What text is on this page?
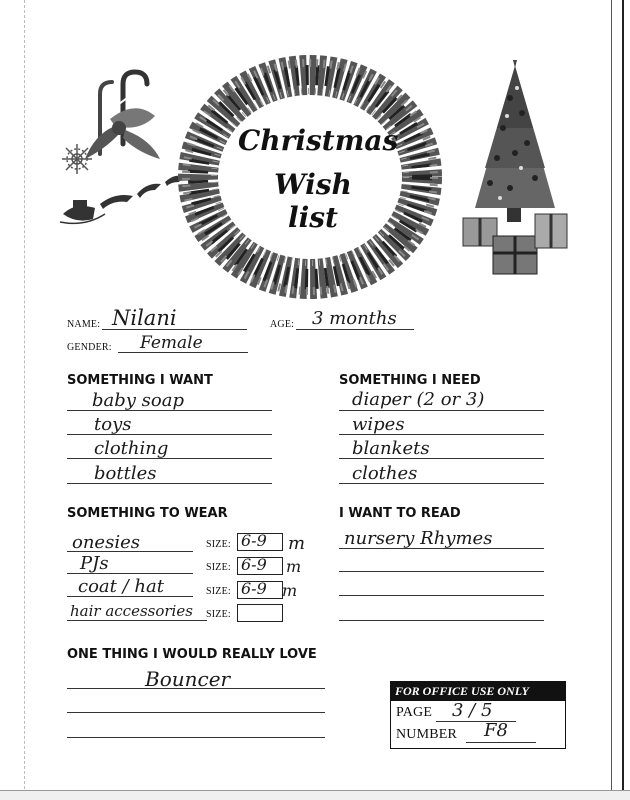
Christmas
Wish list
NAME: Nilani	AGE: 3 months
GENDER: Female
SOMETHING I WANT
baby soap
toys
clothing
bottles
SOMETHING I NEED
diaper (2 or 3)
wipes
blankets
clothes
SOMETHING TO WEAR
onesies	SIZE: 6-9 m
PJs	SIZE: 6-9 m
coat / hat	SIZE: 6-9 m
hair accessories SIZE:
I WANT TO READ
nursery Rhymes
ONE THING I WOULD REALLY LOVE
Bouncer	FOR OFFICE USE ONLY
PAGE 3 / 5
NUMBER F8
